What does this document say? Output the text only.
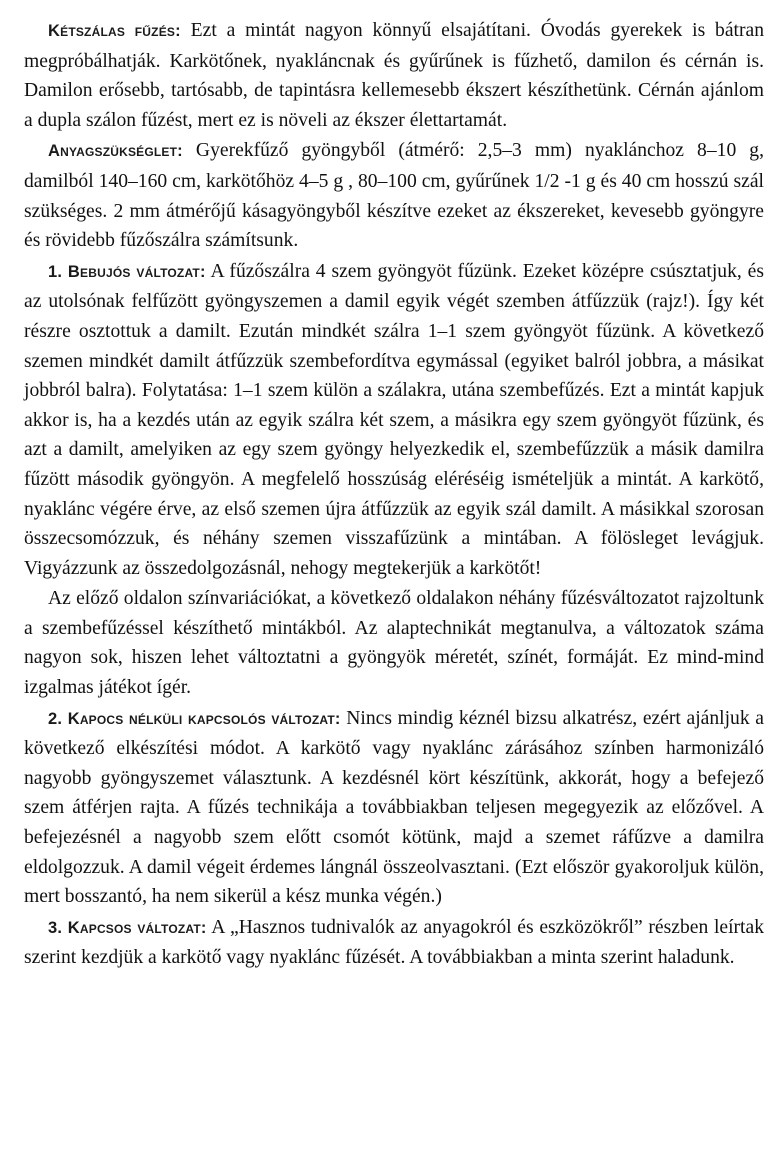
Kétszálas fűzés: Ezt a mintát nagyon könnyű elsajátítani. Óvodás gyerekek is bátran megpróbálhatják. Karkötőnek, nyakláncnak és gyűrűnek is fűzhető, damilon és cérnán is. Damilon erősebb, tartósabb, de tapintásra kellemesebb ékszert készíthetünk. Cérnán ajánlom a dupla szálon fűzést, mert ez is növeli az ékszer élettartamát.

Anyagszükséglet: Gyerekfűző gyöngyből (átmérő: 2,5–3 mm) nyaklánchoz 8–10 g, damilból 140–160 cm, karkötőhöz 4–5 g , 80–100 cm, gyűrűnek 1/2 -1 g és 40 cm hosszú szál szükséges. 2 mm átmérőjű kásagyöngyből készítve ezeket az ékszereket, kevesebb gyöngyre és rövidebb fűzőszálra számítsunk.

1. Bebujós változat: A fűzőszálra 4 szem gyöngyöt fűzünk. Ezeket középre csúsztatjuk, és az utolsónak felfűzött gyöngyszemen a damil egyik végét szemben átfűzzük (rajz!). Így két részre osztottuk a damilt. Ezután mindkét szálra 1–1 szem gyöngyöt fűzünk. A következő szemen mindkét damilt átfűzzük szembefordítva egymással (egyiket balról jobbra, a másikat jobbról balra). Folytatása: 1–1 szem külön a szálakra, utána szembefűzés. Ezt a mintát kapjuk akkor is, ha a kezdés után az egyik szálra két szem, a másikra egy szem gyöngyöt fűzünk, és azt a damilt, amelyiken az egy szem gyöngy helyezkedik el, szembefűzzük a másik damilra fűzött második gyöngyön. A megfelelő hosszúság eléréséig ismételjük a mintát. A karkötő, nyaklánc végére érve, az első szemen újra átfűzzük az egyik szál damilt. A másikkal szorosan összecsomózzuk, és néhány szemen visszafűzünk a mintában. A fölösleget levágjuk. Vigyázzunk az összedolgozásnál, nehogy megtekerjük a karkötőt!

Az előző oldalon színvariációkat, a következő oldalakon néhány fűzésváltozatot rajzoltunk a szembefűzéssel készíthető mintákból. Az alaptechnikát megtanulva, a változatok száma nagyon sok, hiszen lehet változtatni a gyöngyök méretét, színét, formáját. Ez mind-mind izgalmas játékot ígér.

2. Kapocs nélküli kapcsolós változat: Nincs mindig kéznél bizsu alkatrész, ezért ajánljuk a következő elkészítési módot. A karkötő vagy nyaklánc zárásához színben harmonizáló nagyobb gyöngyszemet választunk. A kezdésnél kört készítünk, akkorát, hogy a befejező szem átférjen rajta. A fűzés technikája a továbbiakban teljesen megegyezik az előzővel. A befejezésnél a nagyobb szem előtt csomót kötünk, majd a szemet ráfűzve a damilra eldolgozzuk. A damil végeit érdemes lángnál összeolvasztani. (Ezt először gyakoroljuk külön, mert bosszantó, ha nem sikerül a kész munka végén.)

3. Kapcsos változat: A „Hasznos tudnivalók az anyagokról és eszközökről” részben leírtak szerint kezdjük a karkötő vagy nyaklánc fűzését. A továbbiakban a minta szerint haladunk.
